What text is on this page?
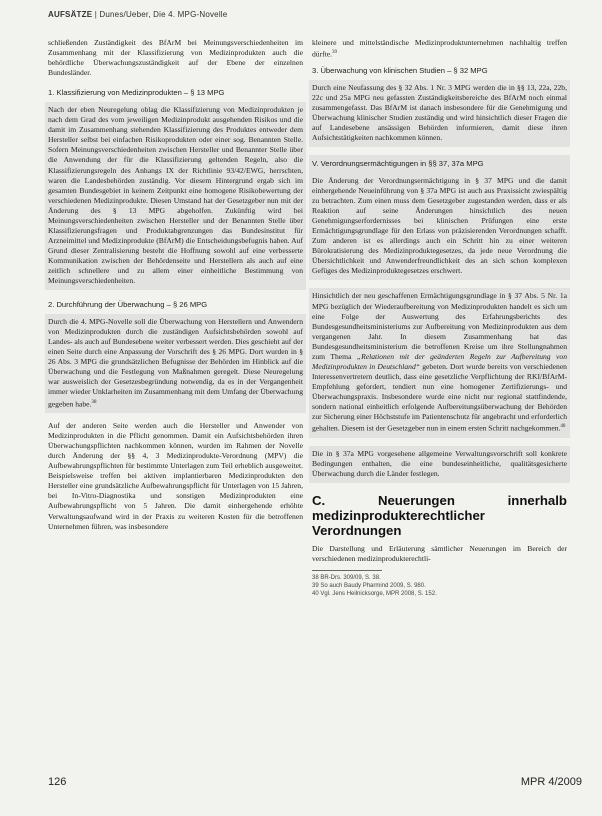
AUFSÄTZE | Dunes/Ueber, Die 4. MPG-Novelle

schließenden Zuständigkeit des BfArM bei Meinungsverschiedenheiten im Zusammenhang mit der Klassifizierung von Medizinprodukten auch die behördliche Überwachungszuständigkeit auf der Ebene der einzelnen Bundesländer.

1. Klassifizierung von Medizinprodukten – § 13 MPG

Nach der eben Neuregelung oblag die Klassifizierung von Medizinprodukten je nach dem Grad des vom jeweiligen Medizinprodukt ausgehenden Risikos und die damit im Zusammenhang stehenden Klassifizierung des Produktes entweder dem Hersteller selbst bei einfachen Risikoprodukten oder einer sog. Benannten Stelle. Sofern Meinungsverschiedenheiten zwischen Hersteller und Benannter Stelle über die Anwendung der für die Klassifizierung geltenden Regeln, also die Klassifizierungsregeln des Anhangs IX der Richtlinie 93/42/EWG, herrschten, waren die Landesbehörden zuständig. Vor diesem Hintergrund ergab sich im gesamten Bundesgebiet in keinem Zeitpunkt eine homogene Risikobewertung der verschiedenen Medizinprodukte. Diesen Umstand hat der Gesetzgeber nun mit der Änderung des § 13 MPG abgeholfen. Zukünftig wird bei Meinungsverschiedenheiten zwischen Hersteller und der Benannten Stelle über Klassifizierungsfragen und Produktabgrenzungen das Bundesinstitut für Arzneimittel und Medizinprodukte (BfArM) die Entscheidungsbefugnis haben. Auf Grund dieser Zentralisierung besteht die Hoffnung sowohl auf eine verbesserte Kommunikation zwischen der Behördenseite und Herstellern als auch auf eine zeitlich schnellere und zu allem einer einheitliche Bestimmung von Meinungsverschiedenheiten.

2. Durchführung der Überwachung – § 26 MPG

Durch die 4. MPG-Novelle soll die Überwachung von Herstellern und Anwendern von Medizinprodukten durch die zuständigen Aufsichtsbehörden sowohl auf Landes- als auch auf Bundesebene weiter verbessert werden. Dies geschieht auf der einen Seite durch eine Anpassung der Vorschrift des § 26 MPG. Dort wurden in § 26 Abs. 3 MPG die grundsätzlichen Befugnisse der Behörden im Hinblick auf die Überwachung und die Festlegung von Maßnahmen geregelt. Diese Neuregelung war ausweislich der Gesetzesbegründung notwendig, da es in der Vergangenheit immer wieder Unklarheiten im Zusammenhang mit dem Umfang der Überwachung gegeben habe.$^{38}$

Auf der anderen Seite werden auch die Hersteller und Anwender von Medizinprodukten in die Pflicht genommen. Damit ein Aufsichtsbehörden ihren Überwachungspflichten nachkommen können, wurden im Rahmen der Novelle durch Änderung der §§ 4, 3 Medizinprodukte-Verordnung (MPV) die Aufbewahrungspflichten für bestimmte Unterlagen zum Teil erheblich ausgeweitet. Beispielsweise treffen bei aktiven implantierbaren Medizinprodukten den Hersteller eine grundsätzliche Aufbewahrungspflicht für Unterlagen von 15 Jahren, bei In-Vitro-Diagnostika und sonstigen Medizinprodukten eine Aufbewahrungspflicht von 5 Jahren. Die damit einhergehende erhöhte Verwaltungsaufwand wird in der Praxis zu weiteren Kosten für die betroffenen Unternehmen führen, was insbesondere

kleinere und mittelständische Medizinproduktunternehmen nachhaltig treffen dürfte.$^{39}$

3. Überwachung von klinischen Studien – § 32 MPG

Durch eine Neufassung des § 32 Abs. 1 Nr. 3 MPG werden die in §§ 13, 22a, 22b, 22c und 25a MPG neu gefassten Zuständigkeitsbereiche des BfArM noch einmal zusammengefasst. Das BfArM ist danach insbesondere für die Genehmigung und Überwachung klinischer Studien zuständig und wird hinsichtlich dieser Fragen die auf Landesebene ansässigen Behörden informieren, damit diese ihren Aufsichtstätigkeiten nachkommen können.

V. Verordnungsermächtigungen in §§ 37, 37a MPG

Die Änderung der Verordnungsermächtigung in § 37 MPG und die damit einhergehende Neueinführung von § 37a MPG ist auch aus Praxissicht zwiespältig zu betrachten. Zum einen muss dem Gesetzgeber zugestanden werden, dass er als Reaktion auf seine Änderungen hinsichtlich des neuen Genehmigungserfordernisses bei klinischen Prüfungen eine erste Ermächtigungsgrundlage für den Erlass von präzisierenden Verordnungen schafft. Zum anderen ist es allerdings auch ein Schritt hin zu einer weiteren Bürokratisierung des Medizinproduktegesetzes, da jede neue Verordnung die Übersichtlichkeit und Anwenderfreundlichkeit des an sich schon komplexen Gefüges des Medizinproduktegesetzes erschwert.

Hinsichtlich der neu geschaffenen Ermächtigungsgrundlage in § 37 Abs. 5 Nr. 1a MPG bezüglich der Wiederaufbereitung von Medizinprodukten handelt es sich um eine Folge der Auswertung des Erfahrungsberichts des Bundesgesundheitsministeriums zur Aufbereitung von Medizinprodukten aus dem vergangenen Jahr. In diesem Zusammenhang hat das Bundesgesundheitsministerium die betroffenen Kreise um ihre Stellungnahmen zum Thema „Relationen mit der geänderten Regeln zur Aufbereitung von Medizinprodukten in Deutschland“ gebeten. Dort wurde bereits von verschiedenen Interessenvertretern deutlich, dass eine gesetzliche Verpflichtung der RKI/BfArM-Empfehlung gefordert, tendiert nun eine homogener Zertifizierungs- und Überwachungspraxis. Insbesondere wurde eine nicht nur regional stattfindende, sondern national einheitlich erfolgende Aufbereitungsüberwachung der Behörden zur Sicherung einer Höchststufe im Patientenschutz für angebracht und erforderlich gehalten. Diesem ist der Gesetzgeber nun in einem ersten Schritt nachgekommen.$^{40}$

Die in § 37a MPG vorgesehene allgemeine Verwaltungsvorschrift soll konkrete Bedingungen enthalten, die eine bundeseinheitliche, qualitätsgesicherte Überwachung durch die Länder festlegen.

C. Neuerungen innerhalb medizinprodukterechtlicher Verordnungen

Die Darstellung und Erläuterung sämtlicher Neuerungen im Bereich der verschiedenen medizinprodukterechtli-

38 BR-Drs. 309/09, S. 38.
39 So auch Baudy Pharmind 2009, S. 980.
40 Vgl. Jens Heilnicksorge, MPR 2008, S. 152.
126	MPR 4/2009
